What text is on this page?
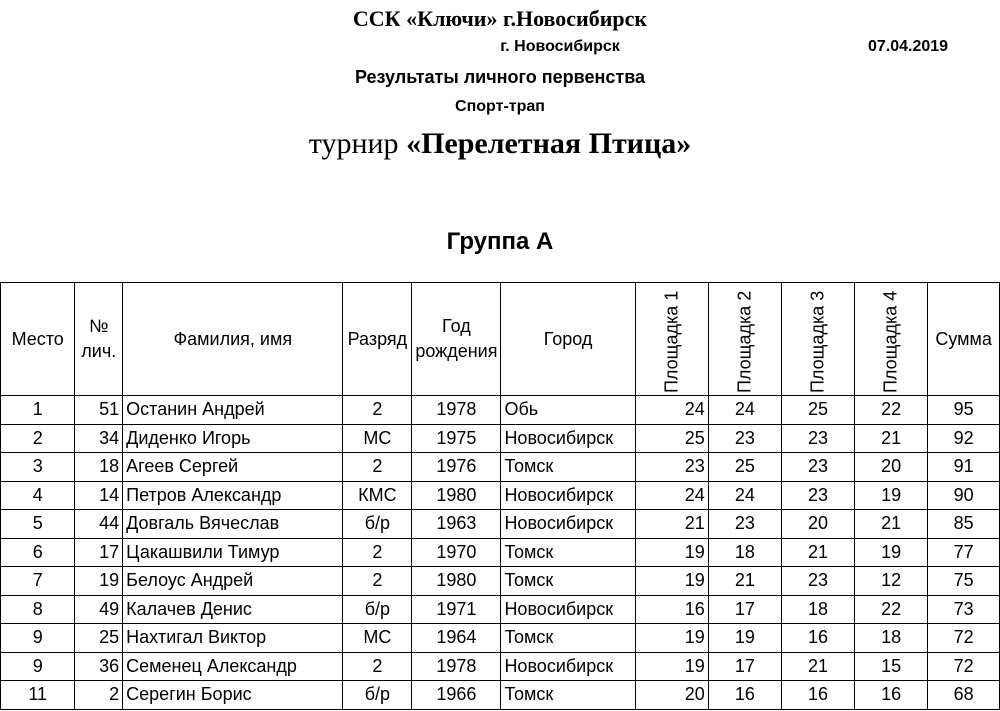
ССК «Ключи» г.Новосибирск
г. Новосибирск	07.04.2019
Результаты личного первенства
Спорт-трап
турнир «Перелетная Птица»
Группа А
Место	№ лич.	Фамилия, имя	Разряд	Год рождения	Город	Площадка 1	Площадка 2	Площадка 3	Площадка 4	Сумма
1	51	Останин Андрей	2	1978	Обь	24	24	25	22	95
2	34	Диденко Игорь	МС	1975	Новосибирск	25	23	23	21	92
3	18	Агеев Сергей	2	1976	Томск	23	25	23	20	91
4	14	Петров Александр	КМС	1980	Новосибирск	24	24	23	19	90
5	44	Довгаль Вячеслав	б/р	1963	Новосибирск	21	23	20	21	85
6	17	Цакашвили Тимур	2	1970	Томск	19	18	21	19	77
7	19	Белоус Андрей	2	1980	Томск	19	21	23	12	75
8	49	Калачев Денис	б/р	1971	Новосибирск	16	17	18	22	73
9	25	Нахтигал Виктор	МС	1964	Томск	19	19	16	18	72
9	36	Семенец Александр	2	1978	Новосибирск	19	17	21	15	72
11	2	Серегин Борис	б/р	1966	Томск	20	16	16	16	68
